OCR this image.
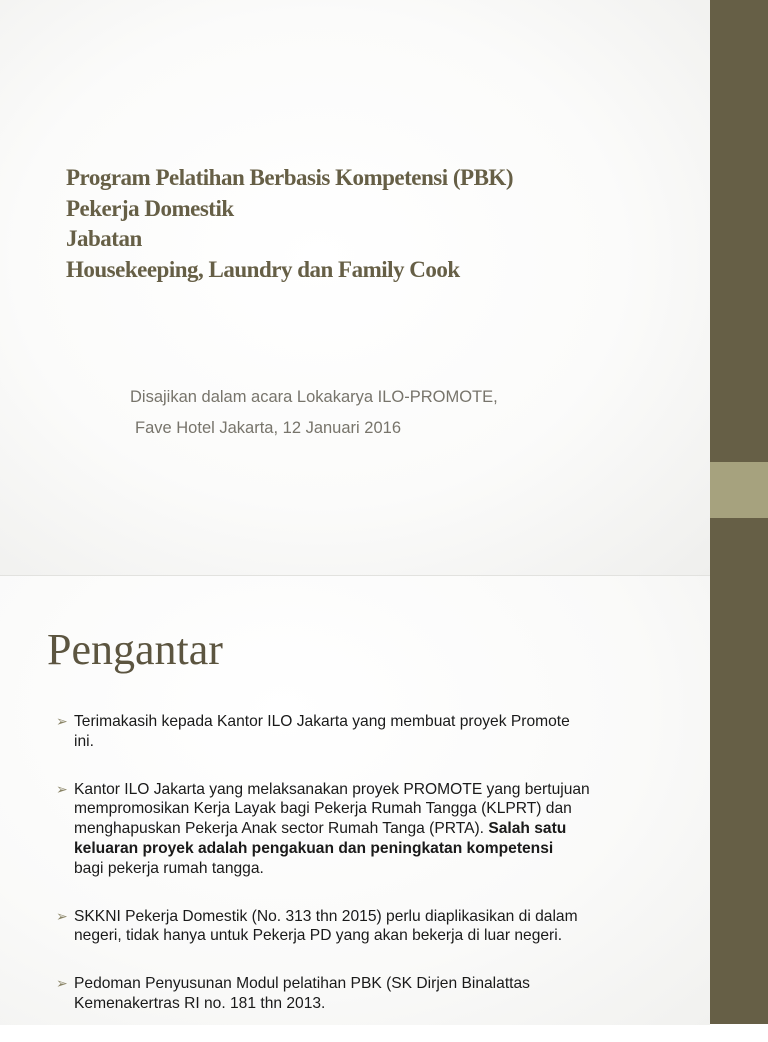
Program Pelatihan Berbasis Kompetensi (PBK)
Pekerja Domestik
Jabatan
Housekeeping, Laundry dan Family Cook
Disajikan dalam acara Lokakarya ILO-PROMOTE,
Fave Hotel Jakarta, 12 Januari 2016
Pengantar
➢ Terimakasih kepada Kantor ILO Jakarta yang membuat proyek Promote
ini.
➢ Kantor ILO Jakarta yang melaksanakan proyek PROMOTE yang bertujuan
mempromosikan Kerja Layak bagi Pekerja Rumah Tangga (KLPRT) dan
menghapuskan Pekerja Anak sector Rumah Tanga (PRTA). Salah satu
keluaran proyek adalah pengakuan dan peningkatan kompetensi
bagi pekerja rumah tangga.
➢ SKKNI Pekerja Domestik (No. 313 thn 2015) perlu diaplikasikan di dalam
negeri, tidak hanya untuk Pekerja PD yang akan bekerja di luar negeri.
➢ Pedoman Penyusunan Modul pelatihan PBK (SK Dirjen Binalattas
Kemenakertras RI no. 181 thn 2013.
